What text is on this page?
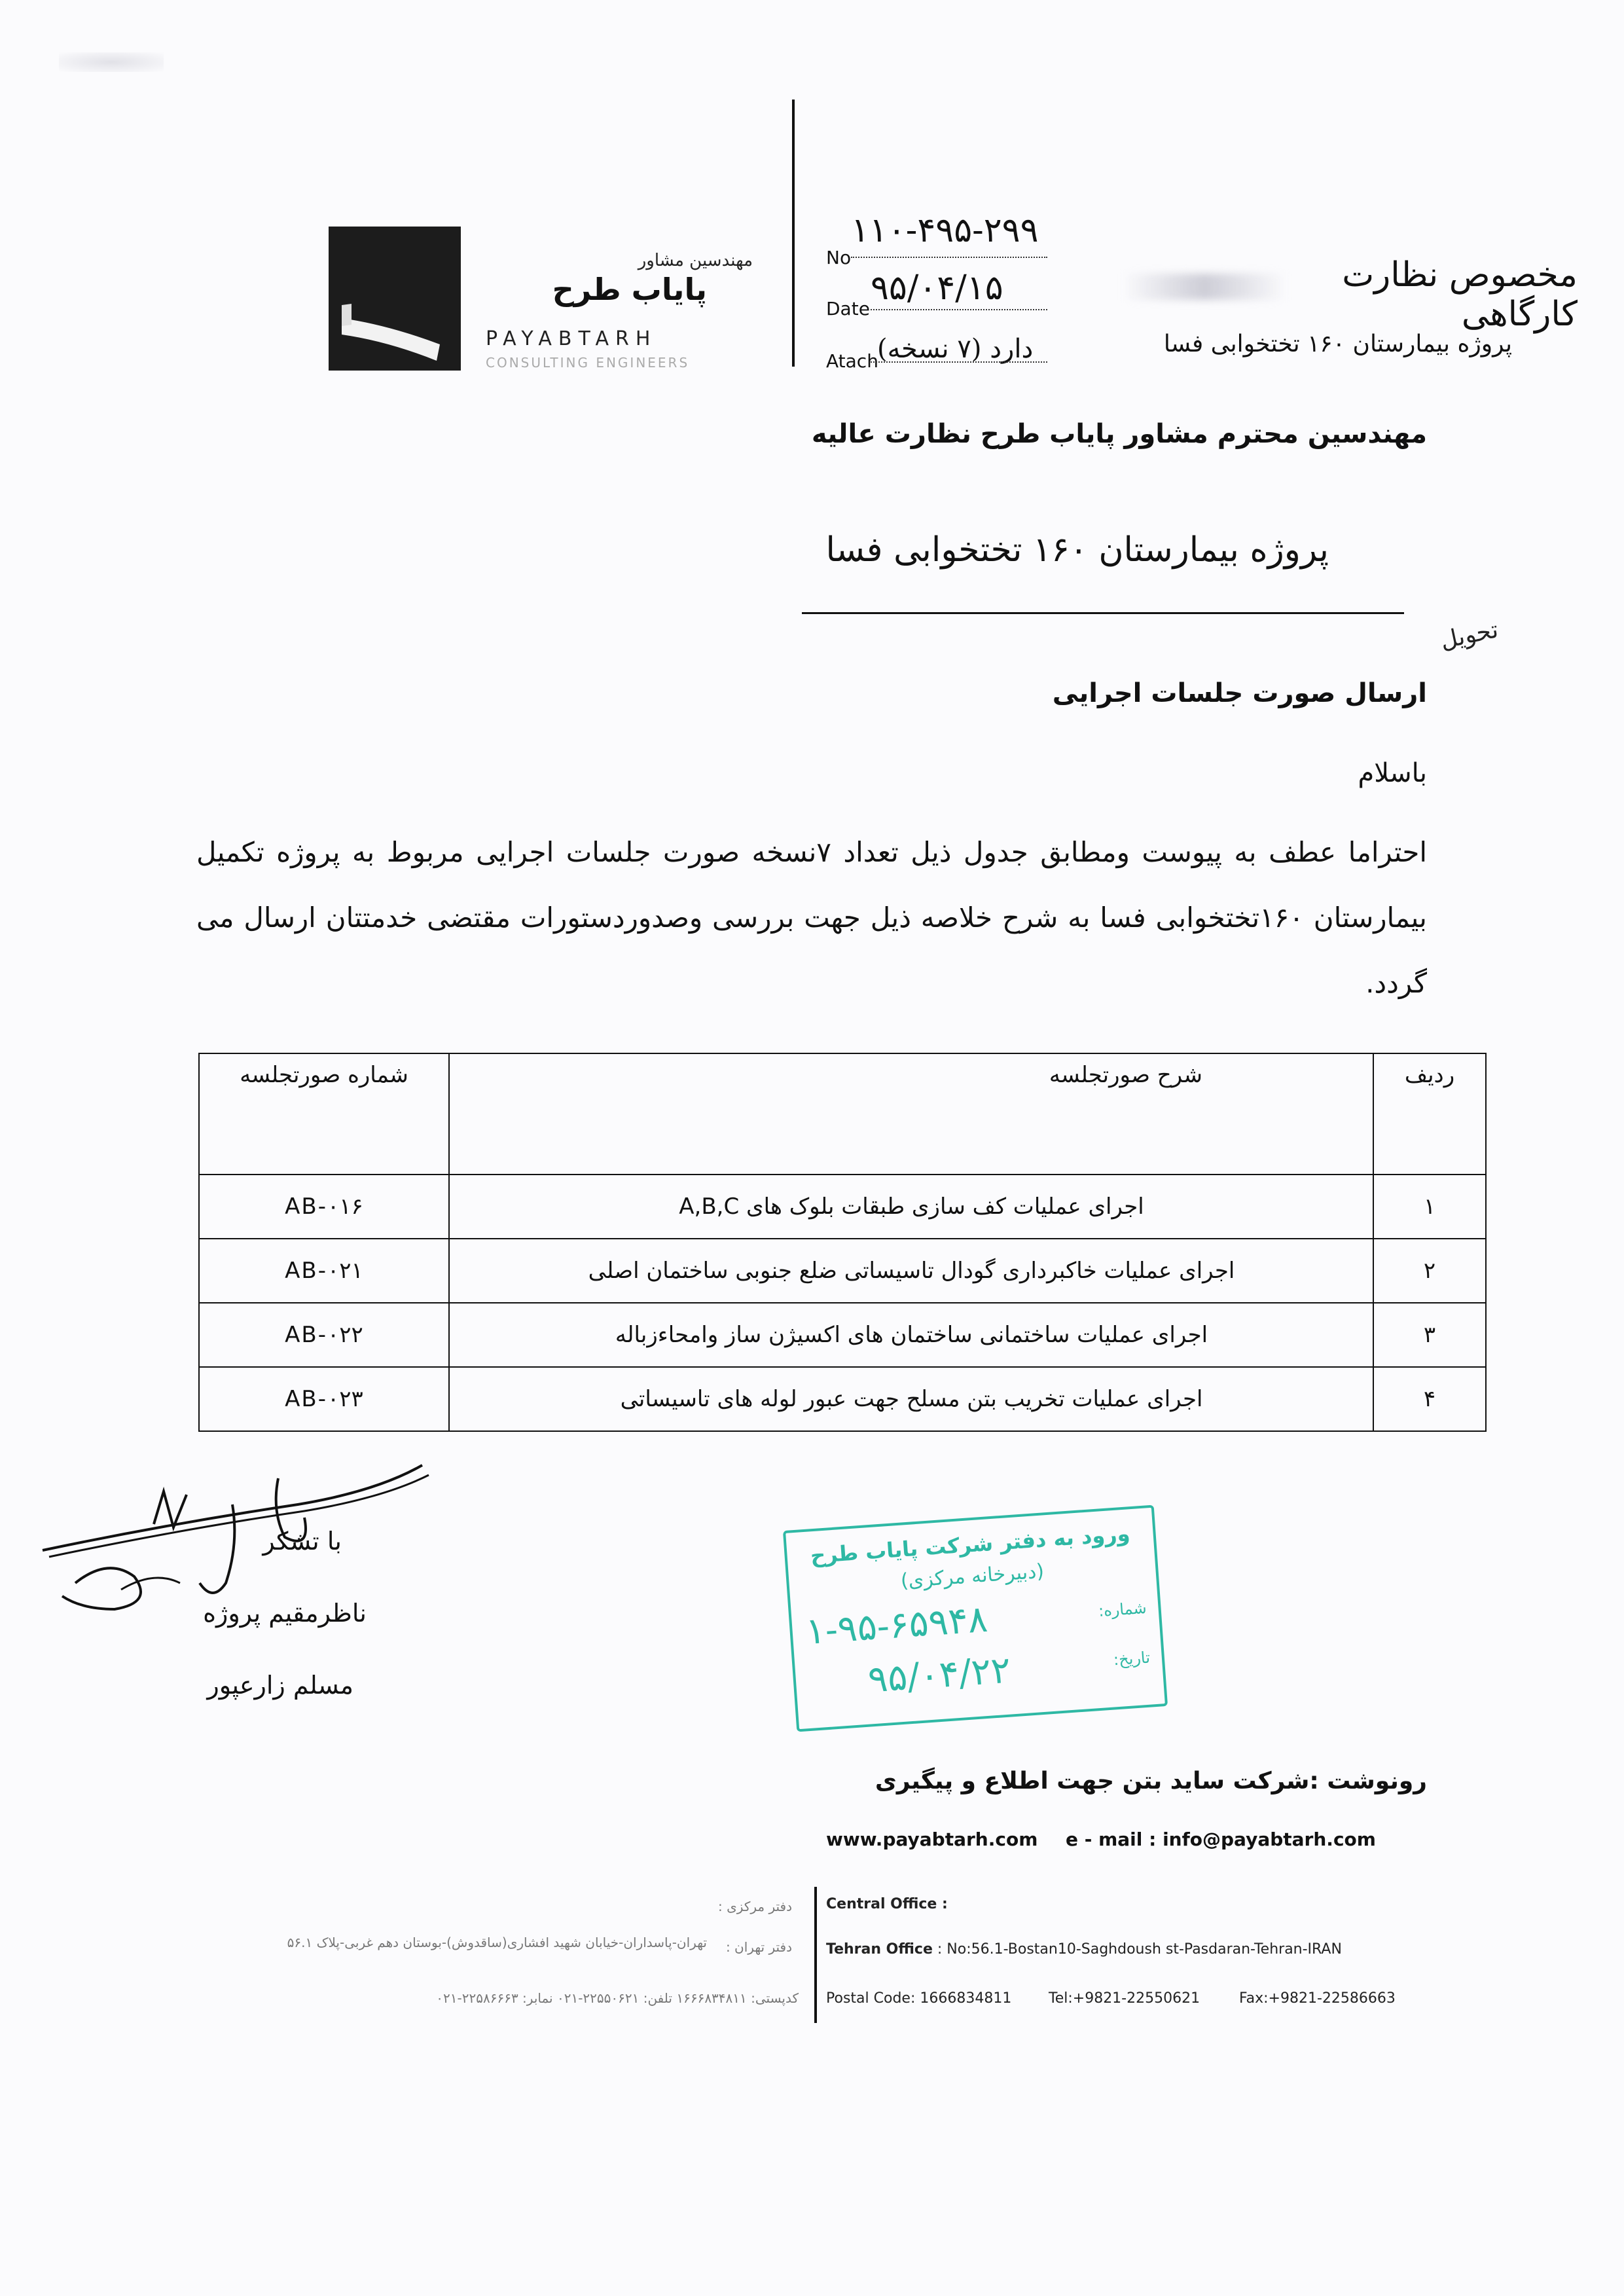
مهندسین مشاور
پایاب طرح
PAYABTARH
CONSULTING ENGINEERS
No
۱۱۰-۴۹۵-۲۹۹
Date
۹۵/۰۴/۱۵
Atach
دارد (۷ نسخه)
مخصوص نظارت کارگاهی
پروژه بیمارستان ۱۶۰ تختخوابی فسا
مهندسین محترم مشاور پایاب طرح نظارت عالیه
پروژه بیمارستان ۱۶۰ تختخوابی فسا
تحویل
ارسال صورت جلسات اجرایی
باسلام
احتراما عطف به پیوست ومطابق جدول ذیل تعداد ۷نسخه صورت جلسات اجرایی مربوط به پروژه تکمیل بیمارستان ۱۶۰تختخوابی فسا به شرح خلاصه ذیل جهت بررسی وصدوردستورات مقتضی خدمتتان ارسال می گردد.
ردیف	شرح صورتجلسه	شماره صورتجلسه
۱	اجرای عملیات کف سازی طبقات بلوک های A,B,C	AB-۰۱۶
۲	اجرای عملیات خاکبرداری گودال تاسیساتی ضلع جنوبی ساختمان اصلی	AB-۰۲۱
۳	اجرای عملیات ساختمانی ساختمان های اکسیژن ساز وامحاءزباله	AB-۰۲۲
۴	اجرای عملیات تخریب بتن مسلح جهت عبور لوله های تاسیساتی	AB-۰۲۳
با تشکر
ناظرمقیم پروژه
مسلم زارعپور
ورود به دفتر شرکت پایاب طرح
(دبیرخانه مرکزی)
شماره:
۱-۹۵-۶۵۹۴۸
تاریخ:
۹۵/۰۴/۲۲
رونوشت :شرکت ساید بتن جهت اطلاع و پیگیری
www.payabtarh.com e - mail : info@payabtarh.com
Central Office :
Tehran Office : No:56.1-Bostan10-Saghdoush st-Pasdaran-Tehran-IRAN
Postal Code: 1666834811	Tel:+9821-22550621	Fax:+9821-22586663
دفتر مرکزی :
دفتر تهران :
تهران-پاسداران-خیابان شهید افشاری(ساقدوش)-بوستان دهم غربی-پلاک ۵۶.۱
کدپستی: ۱۶۶۶۸۳۴۸۱۱ تلفن: ۲۲۵۵۰۶۲۱-۰۲۱ نمابر: ۲۲۵۸۶۶۶۳-۰۲۱
